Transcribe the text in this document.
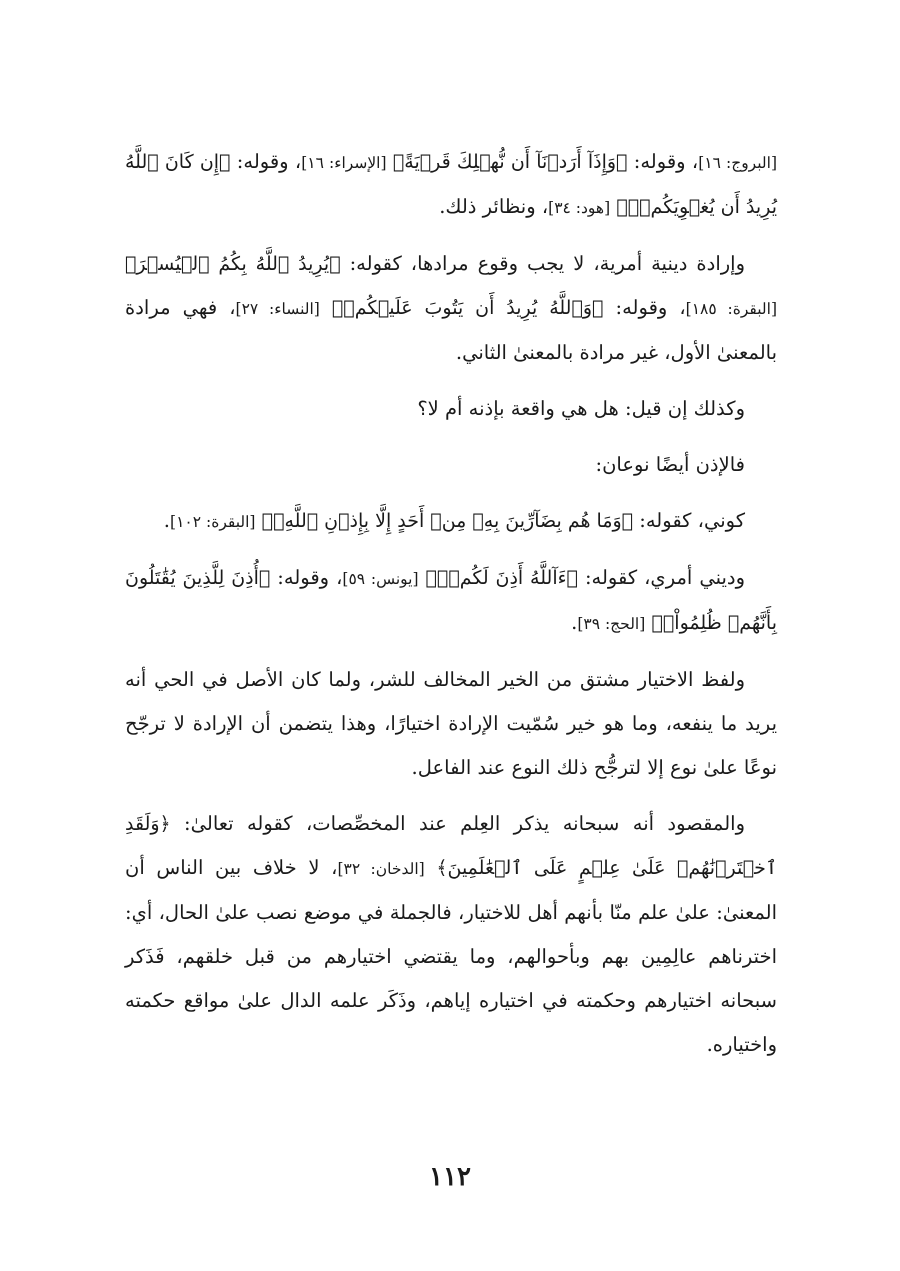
[البروج: ١٦]، وقوله: ﴿وَإِذَآ أَرَدۡنَآ أَن نُّهۡلِكَ قَرۡيَةً﴾ [الإسراء: ١٦]، وقوله: ﴿إِن كَانَ ٱللَّهُ يُرِيدُ أَن يُغۡوِيَكُمۡۚ﴾ [هود: ٣٤]، ونظائر ذلك.

وإرادة دينية أمرية، لا يجب وقوع مرادها، كقوله: ﴿يُرِيدُ ٱللَّهُ بِكُمُ ٱلۡيُسۡرَ﴾ [البقرة: ١٨٥]، وقوله: ﴿وَٱللَّهُ يُرِيدُ أَن يَتُوبَ عَلَيۡكُمۡ﴾ [النساء: ٢٧]، فهي مرادة بالمعنىٰ الأول، غير مرادة بالمعنىٰ الثاني.

وكذلك إن قيل: هل هي واقعة بإذنه أم لا؟

فالإذن أيضًا نوعان:

كوني، كقوله: ﴿وَمَا هُم بِضَآرِّينَ بِهِۦ مِنۡ أَحَدٍ إِلَّا بِإِذۡنِ ٱللَّهِۚ﴾ [البقرة: ١٠٢].

وديني أمري، كقوله: ﴿ءَآللَّهُ أَذِنَ لَكُمۡۖ﴾ [يونس: ٥٩]، وقوله: ﴿أُذِنَ لِلَّذِينَ يُقَٰتَلُونَ بِأَنَّهُمۡ ظُلِمُواْۚ﴾ [الحج: ٣٩].

ولفظ الاختيار مشتق من الخير المخالف للشر، ولما كان الأصل في الحي أنه يريد ما ينفعه، وما هو خير سُمّيت الإرادة اختيارًا، وهذا يتضمن أن الإرادة لا ترجّح نوعًا علىٰ نوع إلا لترجُّح ذلك النوع عند الفاعل.

والمقصود أنه سبحانه يذكر العِلم عند المخصِّصات، كقوله تعالىٰ: ﴿وَلَقَدِ ٱخۡتَرۡنَٰهُمۡ عَلَىٰ عِلۡمٍ عَلَى ٱلۡعَٰلَمِينَ﴾ [الدخان: ٣٢]، لا خلاف بين الناس أن المعنىٰ: علىٰ علم منّا بأنهم أهل للاختيار، فالجملة في موضع نصب علىٰ الحال، أي: اخترناهم عالِمِين بهم وبأحوالهم، وما يقتضي اختيارهم من قبل خلقهم، فَذَكر سبحانه اختيارهم وحكمته في اختياره إياهم، وذَكَر علمه الدال علىٰ مواقع حكمته واختياره.

١١٢
